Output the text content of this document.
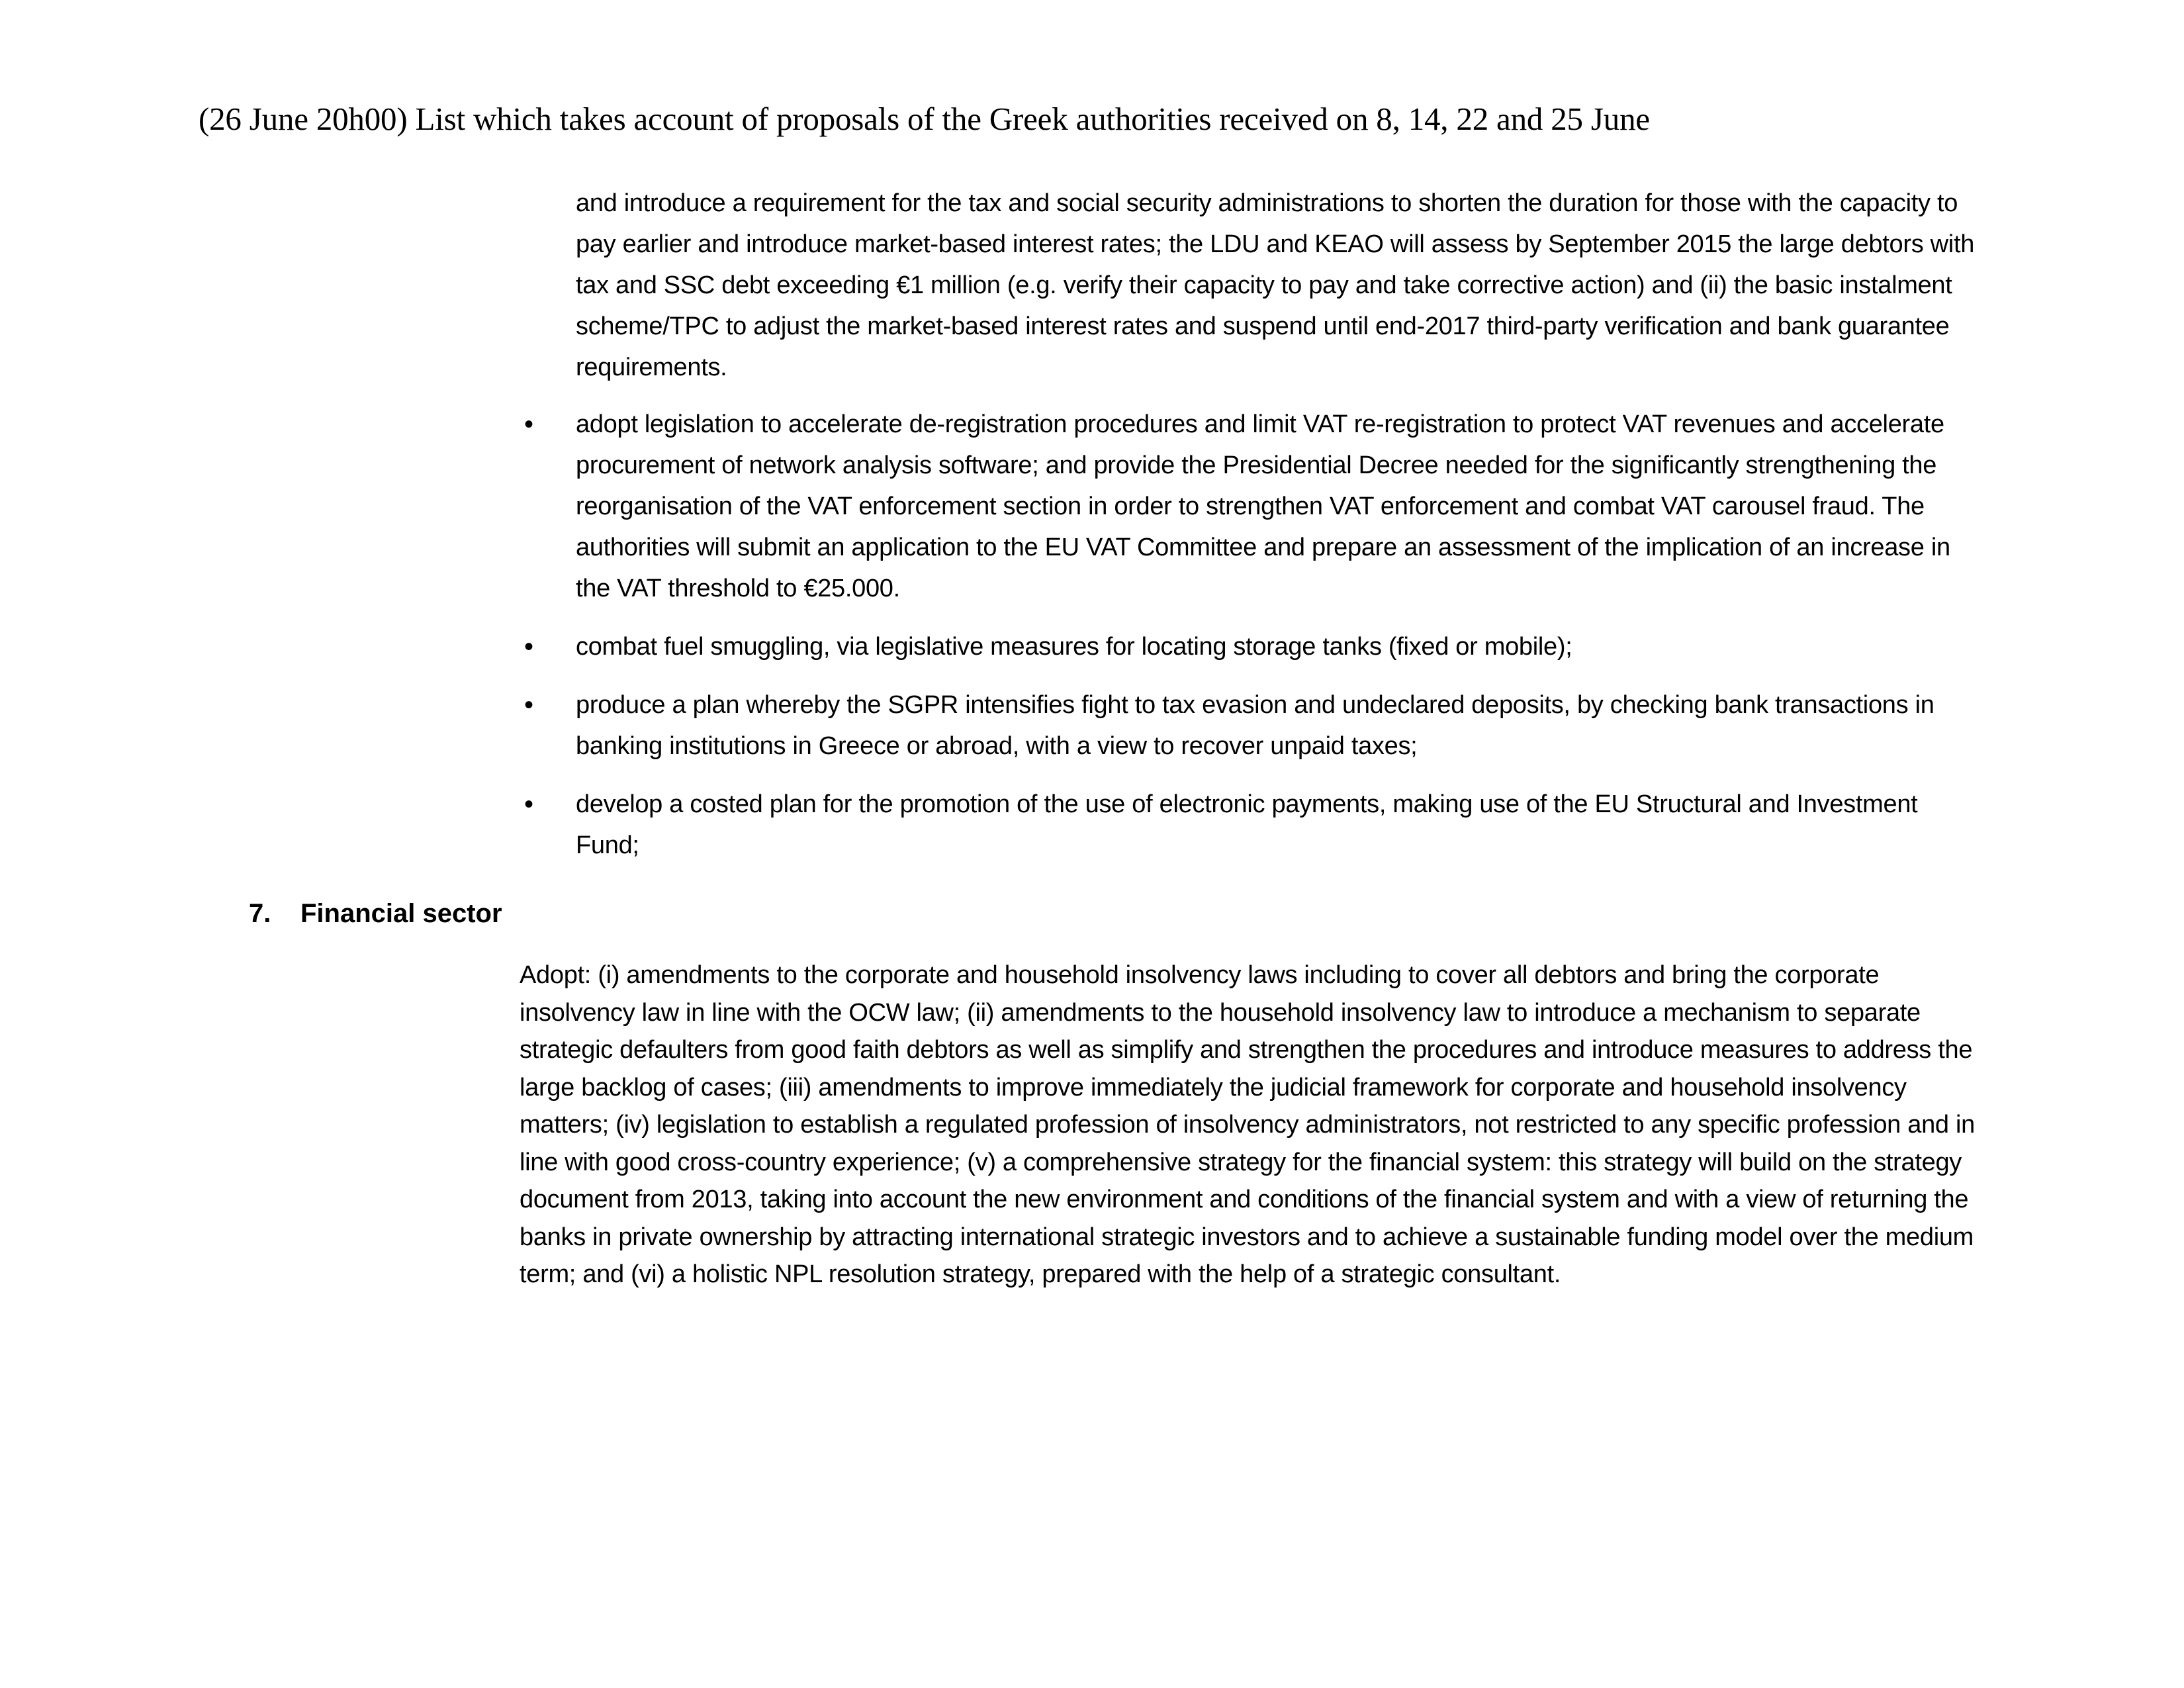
(26 June 20h00) List which takes account of proposals of the Greek authorities received on 8, 14, 22 and 25 June
and introduce a requirement for the tax and social security administrations to shorten the duration for those with the capacity to pay earlier and introduce market-based interest rates; the LDU and KEAO will assess by September 2015 the large debtors with tax and SSC debt exceeding €1 million (e.g. verify their capacity to pay and take corrective action) and (ii) the basic instalment scheme/TPC to adjust the market-based interest rates and suspend until end-2017 third-party verification and bank guarantee requirements.
•	adopt legislation to accelerate de-registration procedures and limit VAT re-registration to protect VAT revenues and accelerate procurement of network analysis software; and provide the Presidential Decree needed for the significantly strengthening the reorganisation of the VAT enforcement section in order to strengthen VAT enforcement and combat VAT carousel fraud. The authorities will submit an application to the EU VAT Committee and prepare an assessment of the implication of an increase in the VAT threshold to €25.000.
•	combat fuel smuggling, via legislative measures for locating storage tanks (fixed or mobile);
•	produce a plan whereby the SGPR intensifies fight to tax evasion and undeclared deposits, by checking bank transactions in banking institutions in Greece or abroad, with a view to recover unpaid taxes;
•	develop a costed plan for the promotion of the use of electronic payments, making use of the EU Structural and Investment Fund;
7.	Financial sector
Adopt: (i) amendments to the corporate and household insolvency laws including to cover all debtors and bring the corporate insolvency law in line with the OCW law; (ii) amendments to the household insolvency law to introduce a mechanism to separate strategic defaulters from good faith debtors as well as simplify and strengthen the procedures and introduce measures to address the large backlog of cases; (iii) amendments to improve immediately the judicial framework for corporate and household insolvency matters; (iv) legislation to establish a regulated profession of insolvency administrators, not restricted to any specific profession and in line with good cross-country experience; (v) a comprehensive strategy for the financial system: this strategy will build on the strategy document from 2013, taking into account the new environment and conditions of the financial system and with a view of returning the banks in private ownership by attracting international strategic investors and to achieve a sustainable funding model over the medium term; and (vi) a holistic NPL resolution strategy, prepared with the help of a strategic consultant.
